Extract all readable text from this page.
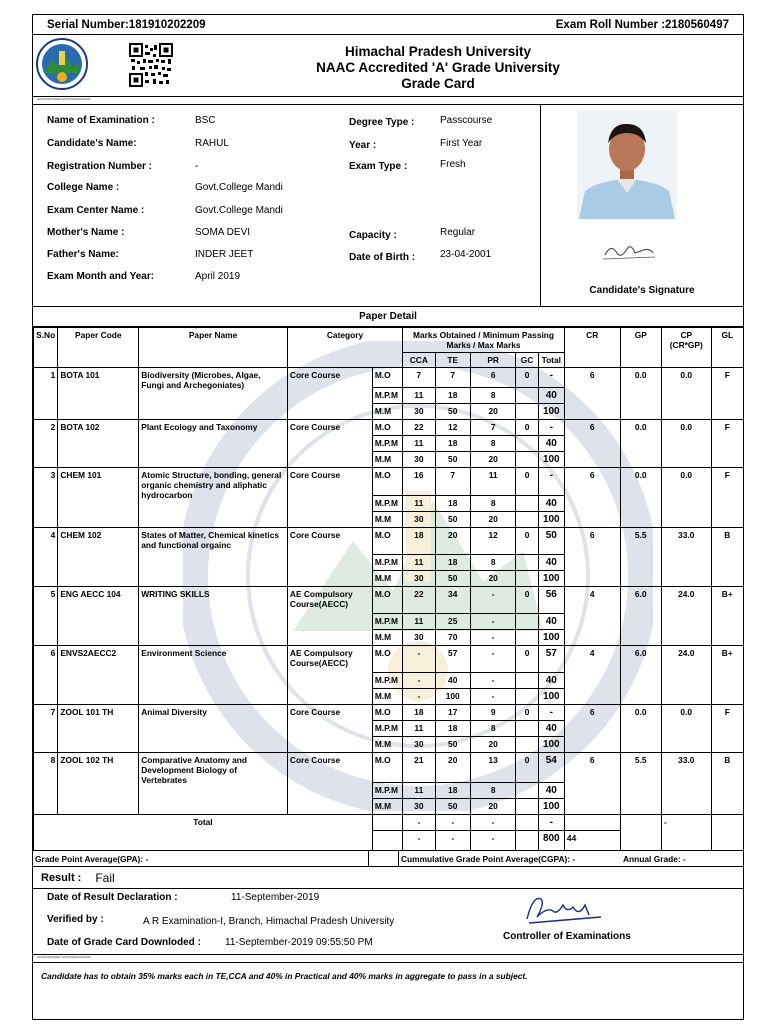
Serial Number:181910202209	Exam Roll Number :2180560497
Himachal Pradesh University
NAAC Accredited 'A' Grade University
Grade Card
HPUMARKSHEET/2019/181910202209
Name of Examination :	BSC
Candidate's Name:	RAHUL
Registration Number :	-
College Name :	Govt.College Mandi
Exam Center Name :	Govt.College Mandi
Mother's Name :	SOMA DEVI
Father's Name:	INDER JEET
Exam Month and Year:	April 2019
Degree Type :	Passcourse
Year :	First Year
Exam Type :	Fresh
Capacity :	Regular
Date of Birth : 23-04-2001
Candidate's Signature
Paper Detail
S.No	Paper Code	Paper Name	Category		Marks Obtained / Minimum Passing Marks / Max Marks					CR	GP	CP (CR*GP)	GL
					CCA	TE	PR	GC	Total				
1	BOTA 101	Biodiversity (Microbes, Algae, Fungi and Archegoniates)	Core Course	M.O	7	7	6	0	-	6	0.0	0.0	F
				M.P.M	11	18	8		40				
				M.M	30	50	20		100				
2	BOTA 102	Plant Ecology and Taxonomy	Core Course	M.O	22	12	7	0	-	6	0.0	0.0	F
				M.P.M	11	18	8		40				
				M.M	30	50	20		100				
3	CHEM 101	Atomic Structure, bonding, general organic chemistry and aliphatic hydrocarbon	Core Course	M.O	16	7	11	0	-	6	0.0	0.0	F
				M.P.M	11	18	8		40				
				M.M	30	50	20		100				
4	CHEM 102	States of Matter, Chemical kinetics and functional orgainc	Core Course	M.O	18	20	12	0	50	6	5.5	33.0	B
				M.P.M	11	18	8		40				
				M.M	30	50	20		100				
5	ENG AECC 104	WRITING SKILLS	AE Compulsory Course(AECC)	M.O	22	34	-	0	56	4	6.0	24.0	B+
				M.P.M	11	25	-		40				
				M.M	30	70	-		100				
6	ENVS2AECC2	Environment Science	AE Compulsory Course(AECC)	M.O	-	57	-	0	57	4	6.0	24.0	B+
				M.P.M	-	40	-		40				
				M.M	-	100	-		100				
7	ZOOL 101 TH	Animal Diversity	Core Course	M.O	18	17	9	0	-	6	0.0	0.0	F
				M.P.M	11	18	8		40				
				M.M	30	50	20		100				
8	ZOOL 102 TH	Comparative Anatomy and Development Biology of Vertebrates	Core Course	M.O	21	20	13	0	54	6	5.5	33.0	B
				M.P.M	11	18	8		40				
				M.M	30	50	20		100				
Total					-	-	-		-			-	
					-	-	-		800	44			
Grade Point Average(GPA): -	Cummulative Grade Point Average(CGPA): -	Annual Grade: -
Result : Fail
Date of Result Declaration :	11-September-2019
Verified by :	A R Examination-I, Branch, Himachal Pradesh University
Date of Grade Card Downloded : 11-September-2019 09:55:50 PM
Controller of Examinations
HPUMARKSHEET/2019/181910202209
Candidate has to obtain 35% marks each in TE,CCA and 40% in Practical and 40% marks in aggregate to pass in a subject.
